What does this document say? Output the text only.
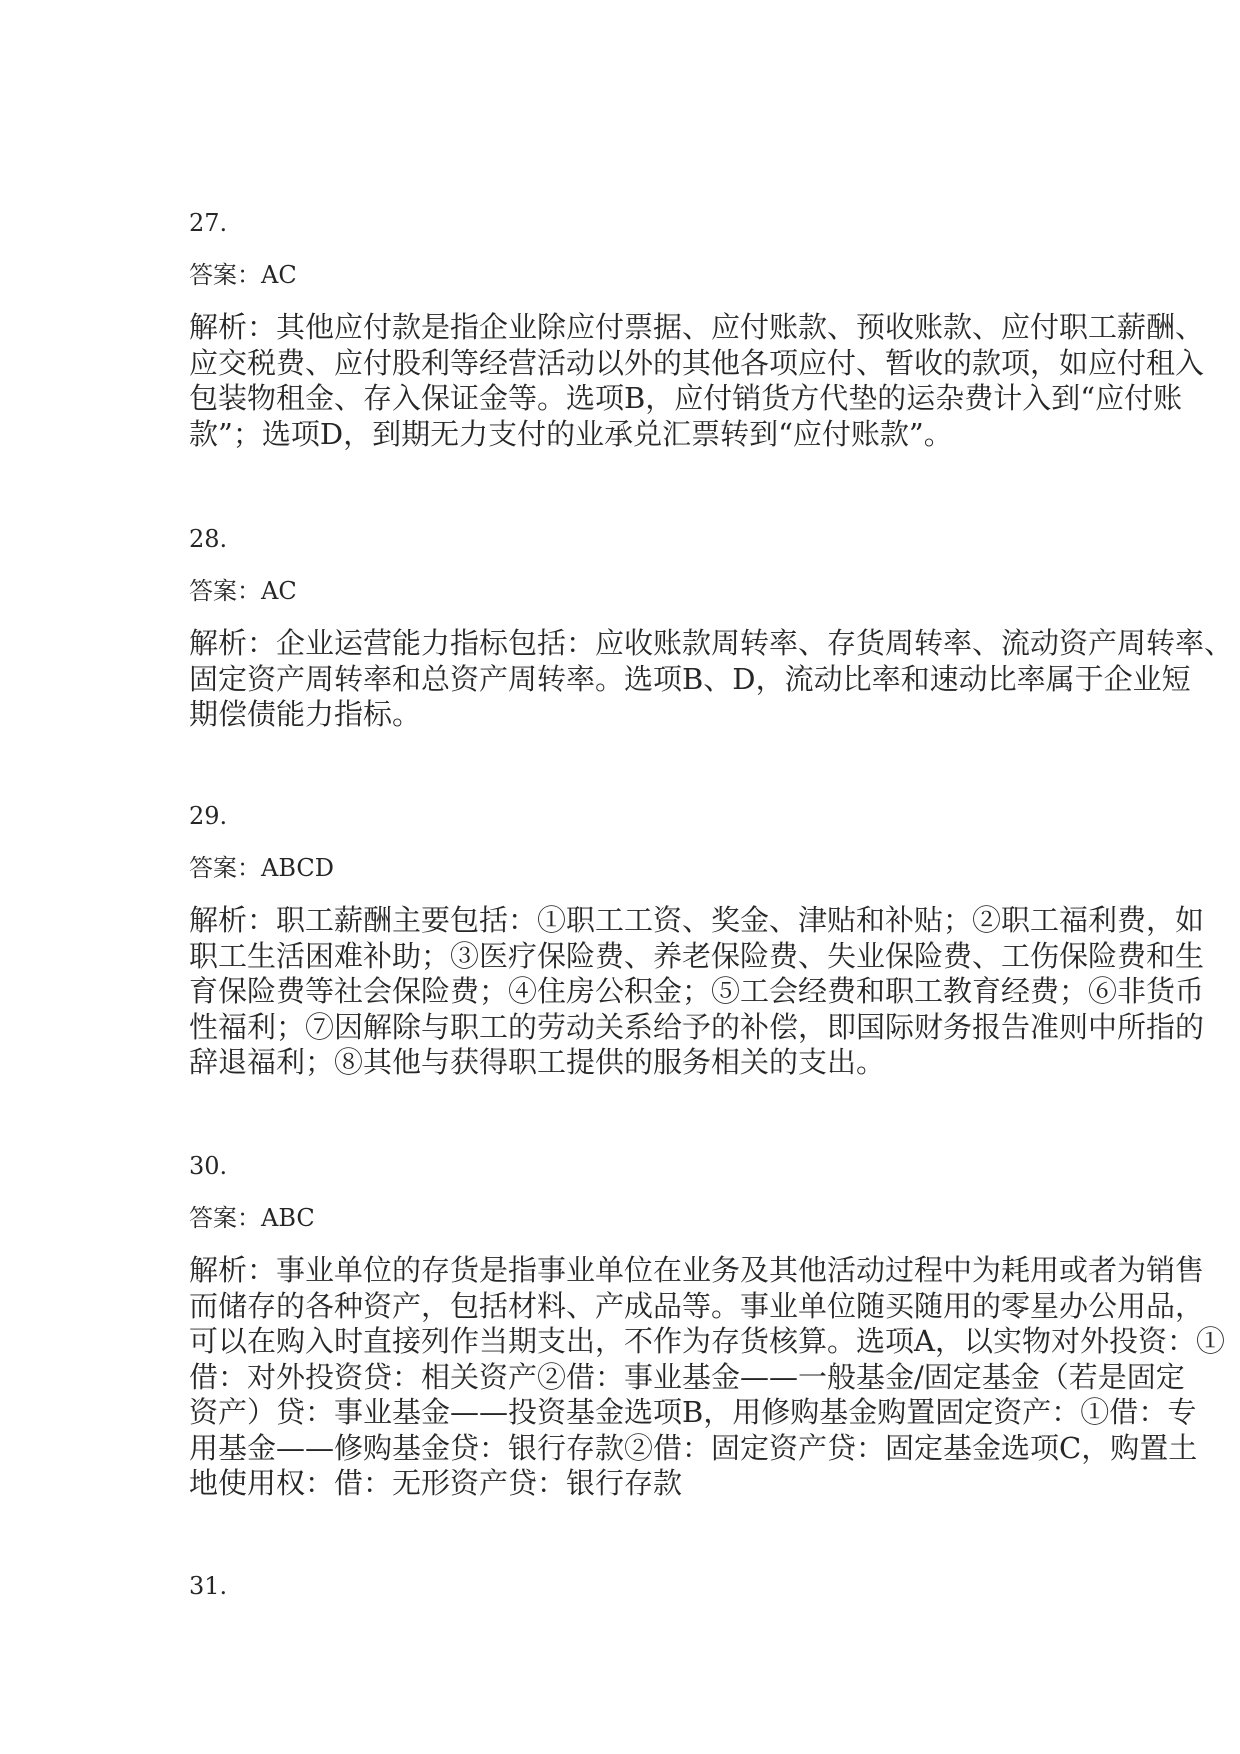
27.
答案：AC
解析：其他应付款是指企业除应付票据、应付账款、预收账款、应付职工薪酬、
应交税费、应付股利等经营活动以外的其他各项应付、暂收的款项，如应付租入
包装物租金、存入保证金等。选项B，应付销货方代垫的运杂费计入到“应付账
款”；选项D，到期无力支付的业承兑汇票转到“应付账款”。
28.
答案：AC
解析：企业运营能力指标包括：应收账款周转率、存货周转率、流动资产周转率、
固定资产周转率和总资产周转率。选项B、D，流动比率和速动比率属于企业短
期偿债能力指标。
29.
答案：ABCD
解析：职工薪酬主要包括：①职工工资、奖金、津贴和补贴；②职工福利费，如
职工生活困难补助；③医疗保险费、养老保险费、失业保险费、工伤保险费和生
育保险费等社会保险费；④住房公积金；⑤工会经费和职工教育经费；⑥非货币
性福利；⑦因解除与职工的劳动关系给予的补偿，即国际财务报告准则中所指的
辞退福利；⑧其他与获得职工提供的服务相关的支出。
30.
答案：ABC
解析：事业单位的存货是指事业单位在业务及其他活动过程中为耗用或者为销售
而储存的各种资产，包括材料、产成品等。事业单位随买随用的零星办公用品，
可以在购入时直接列作当期支出，不作为存货核算。选项A，以实物对外投资：①
借：对外投资贷：相关资产②借：事业基金——一般基金/固定基金（若是固定
资产）贷：事业基金——投资基金选项B，用修购基金购置固定资产：①借：专
用基金——修购基金贷：银行存款②借：固定资产贷：固定基金选项C，购置土
地使用权：借：无形资产贷：银行存款
31.
